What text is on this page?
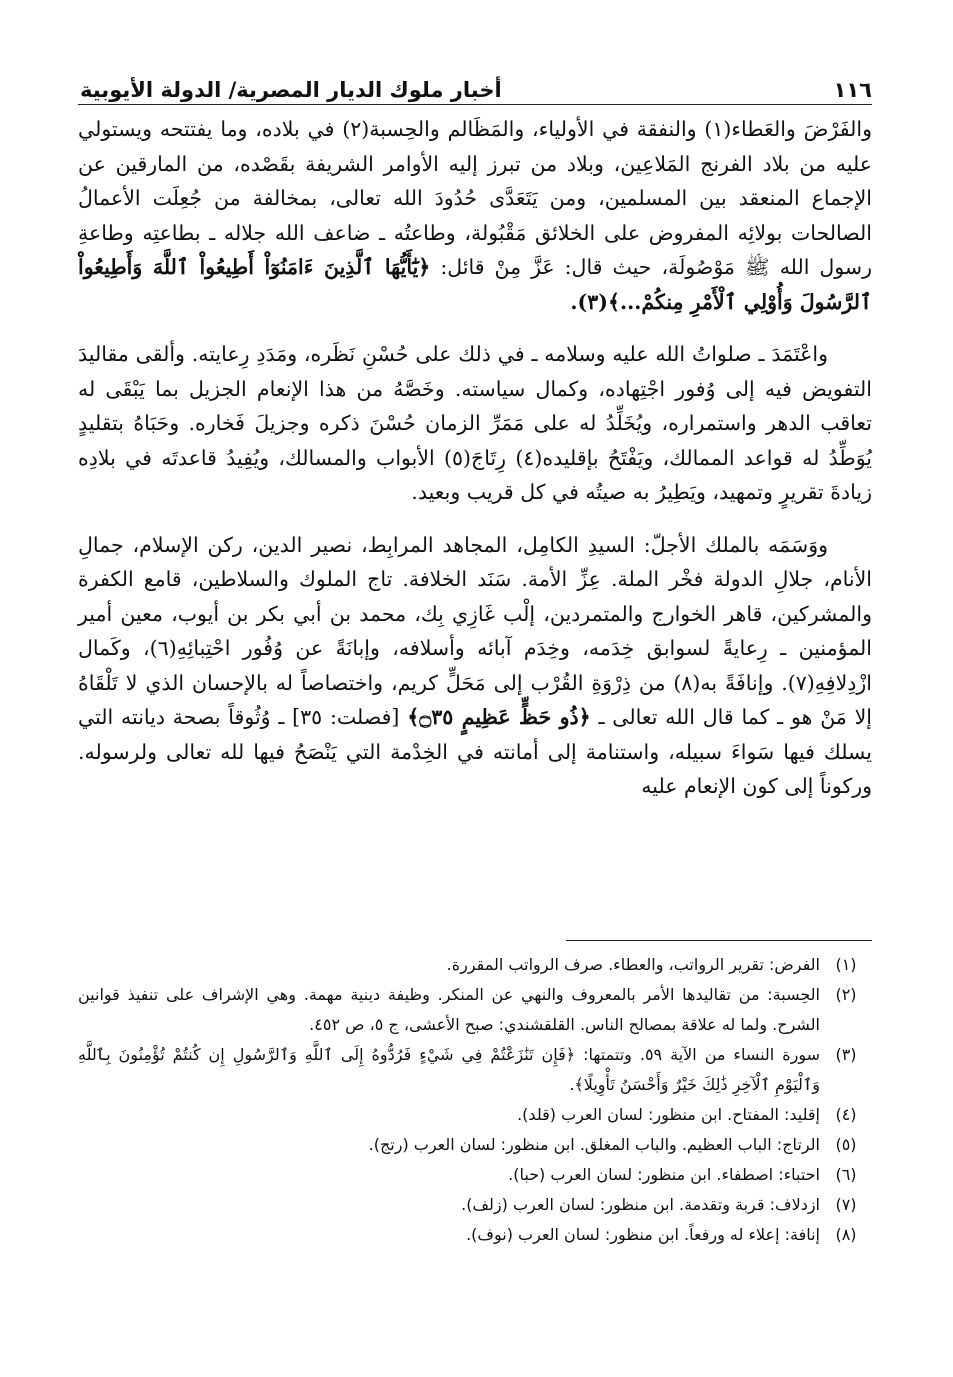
١١٦
أخبار ملوك الديار المصرية/ الدولة الأيوبية

والفَرْضَ والعَطاء(١) والنفقة في الأولياء، والمَظَالم والحِسبة(٢) في بلاده، وما يفتتحه ويستولي عليه من بلاد الفرنج المَلاعِين، وبلاد من تبرز إليه الأوامر الشريفة بقَصْده، من المارقين عن الإجماع المنعقد بين المسلمين، ومن يَتَعَدَّى حُدُودَ الله تعالى، بمخالفة من جُعِلَت الأعمالُ الصالحات بولائِه المفروض على الخلائق مَقْبُولة، وطاعتُه ـ ضاعف الله جلاله ـ بطاعتِه وطاعةِ رسول الله ﷺ مَوْصُولَة، حيث قال: عَزَّ مِنْ قائل: ﴿يَٰٓأَيُّهَا ٱلَّذِينَ ءَامَنُوٓاْ أَطِيعُواْ ٱللَّهَ وَأَطِيعُواْ ٱلرَّسُولَ وَأُوْلِي ٱلْأَمْرِ مِنكُمْ...﴾(٣).

واعْتَمَدَ ـ صلواتُ الله عليه وسلامه ـ في ذلك على حُسْنِ نَظَره، ومَدَدِ رِعايته. وألقى مقاليدَ التفويض فيه إلى وُفور اجْتِهاده، وكمال سياسته. وخَصَّهُ من هذا الإنعام الجزيل بما يَبْقَى له تعاقب الدهر واستمراره، ويُخَلِّدُ له على مَمَرِّ الزمان حُسْنَ ذكره وجزيلَ فَخاره. وحَبَاهُ بتقليدٍ يُوَطِّدُ له قواعد الممالك، ويَفْتَحُ بإقليده(٤) رِتَاجَ(٥) الأبواب والمسالك، ويُفِيدُ قاعدتَه في بلادِه زيادةَ تقريرٍ وتمهيد، ويَطِيرُ به صيتُه في كل قريب وبعيد.

ووَسَمَه بالملك الأجلّ: السيدِ الكامِل، المجاهد المرابِط، نصير الدين، ركن الإسلام، جمالِ الأنام، جلالِ الدولة فخْر الملة. عِزِّ الأمة. سَنَد الخلافة. تاج الملوك والسلاطين، قامع الكفرة والمشركين، قاهر الخوارج والمتمردين، إلْب غَازِي بِك، محمد بن أبي بكر بن أيوب، معين أمير المؤمنين ـ رِعايةً لسوابق خِدَمه، وخِدَم آبائه وأسلافه، وإبانَةً عن وُفُور احْتِبائِهِ(٦)، وكَمال ازْدِلافِهِ(٧). وإنافَةً به(٨) من ذِرْوَةِ القُرْب إلى مَحَلٍّ كريم، واختصاصاً له بالإحسان الذي لا تَلْقَاهُ إلا مَنْ هو ـ كما قال الله تعالى ـ ﴿ذُو حَظٍّ عَظِيمٍ ۝٣٥﴾ [فصلت: ٣٥] ـ وُثُوقاً بصحة ديانته التي يسلك فيها سَواءَ سبيله، واستنامة إلى أمانته في الخِدْمة التي يَنْصَحُ فيها لله تعالى ولرسوله. وركوناً إلى كون الإنعام عليه

(١)
الفرض: تقرير الرواتب، والعطاء. صرف الرواتب المقررة.
(٢)
الحِسبة: من تقاليدها الأمر بالمعروف والنهي عن المنكر. وظيفة دينية مهمة. وهي الإشراف على تنفيذ قوانين الشرح. ولما له علاقة بمصالح الناس. القلقشندي: صبح الأعشى، ج ٥، ص ٤٥٢.
(٣)
سورة النساء من الآية ٥٩. وتتمتها: ﴿فَإِن تَنَٰزَعْتُمْ فِي شَيْءٍ فَرُدُّوهُ إِلَى ٱللَّهِ وَٱلرَّسُولِ إِن كُنتُمْ تُؤْمِنُونَ بِٱللَّهِ وَٱلْيَوْمِ ٱلْآخِرِ ذَٰلِكَ خَيْرٌ وَأَحْسَنُ تَأْوِيلًا﴾.
(٤)
إقليد: المفتاح. ابن منظور: لسان العرب (قلد).
(٥)
الرتاج: الباب العظيم. والباب المغلق. ابن منظور: لسان العرب (رتج).
(٦)
احتباء: اصطفاء. ابن منظور: لسان العرب (حبا).
(٧)
ازدلاف: قربة وتقدمة. ابن منظور: لسان العرب (زلف).
(٨)
إنافة: إعلاء له ورفعاً. ابن منظور: لسان العرب (نوف).
